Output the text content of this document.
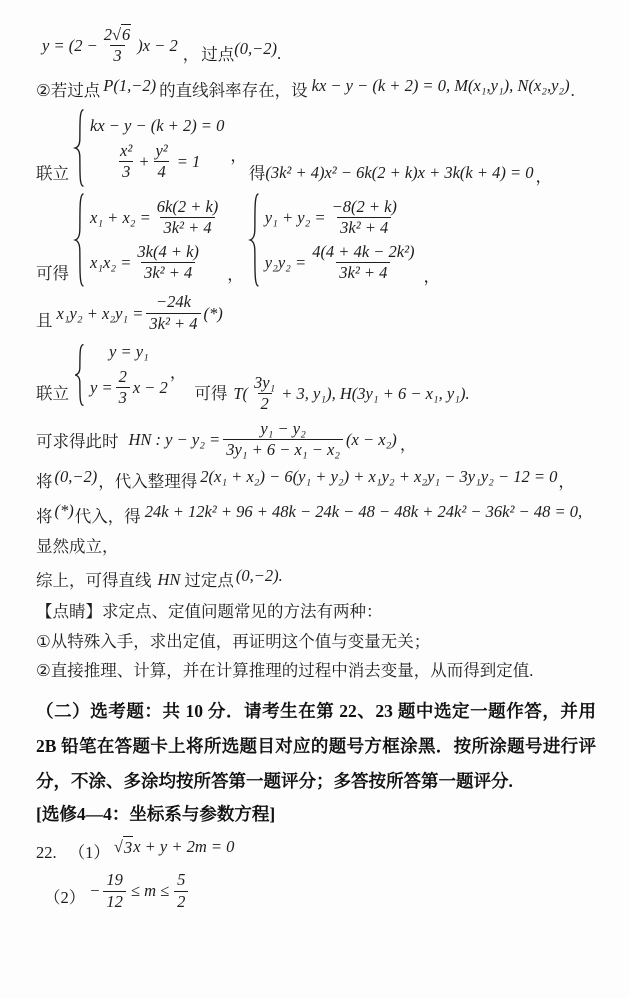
$y = (2 - \frac{2√6}{3} )x - 2$ ， 过点 (0,−2) .
②若过点 P(1,−2) 的直线斜率存在，设 kx − y − (k + 2) = 0, M(x₁,y₁), N(x₂,y₂) .
联立
kx − y − (k + 2) = 0
$\frac{\text{x²}}{3} + \frac{\text{y²}}{4} = 1$ ，
得 (3k² + 4)x² − 6k(2 + k)x + 3k(k + 4) = 0 ，
可得
$x_1 + x_2 = \frac{6k(2 + k)}{\text{3k² + 4}}$
$x_1x_2 = \frac{3k(4 + k)}{\text{3k² + 4}}$ ，
$y_1 + y_2 = \frac{-8(2 + k)}{\text{3k² + 4}}$
$y_2y_2 = \frac{\text{4(4 + 4k − 2k²)}}{\text{3k² + 4}}$ ，
且 $x_1y_2 + x_2y_1 = \frac{-24k}{\text{3k² + 4}}$ (*)
联立
y = y₁
$y = \frac{2}{3}$ x − 2
，
可得 $T( \frac{\text{3y₁}}{2} + 3$, y₁), H(3y₁ + 6 − x₁, y₁).
可求得此时 HN : $y - y_2 = \frac{\text{y₁ − y₂}}{\text{3y₁ + 6 − x₁ − x₂}} (x - x_2)$ ，
将 (0,−2) ，代入整理得 2(x₁ + x₂) − 6(y₁ + y₂) + x₁y₂ + x₂y₁ − 3y₁y₂ − 12 = 0 ，
将 (*) 代入，得 24k + 12k² + 96 + 48k − 24k − 48 − 48k + 24k² − 36k² − 48 = 0,
显然成立，
综上，可得直线 HN 过定点 (0,−2).
【点睛】求定点、定值问题常见的方法有两种：
①从特殊入手，求出定值，再证明这个值与变量无关；
②直接推理、计算，并在计算推理的过程中消去变量，从而得到定值.
（二）选考题：共 10 分．请考生在第 22、23 题中选定一题作答，并用 2B 铅笔在答题卡上将所选题目对应的题号方框涂黑．按所涂题号进行评分，不涂、多涂均按所答第一题评分；多答按所答第一题评分.
[选修4—4：坐标系与参数方程]
22. （1） √ 3 x + y + 2m = 0
$(2) - \frac{19}{12} \le m \le \frac{5}{2}$
